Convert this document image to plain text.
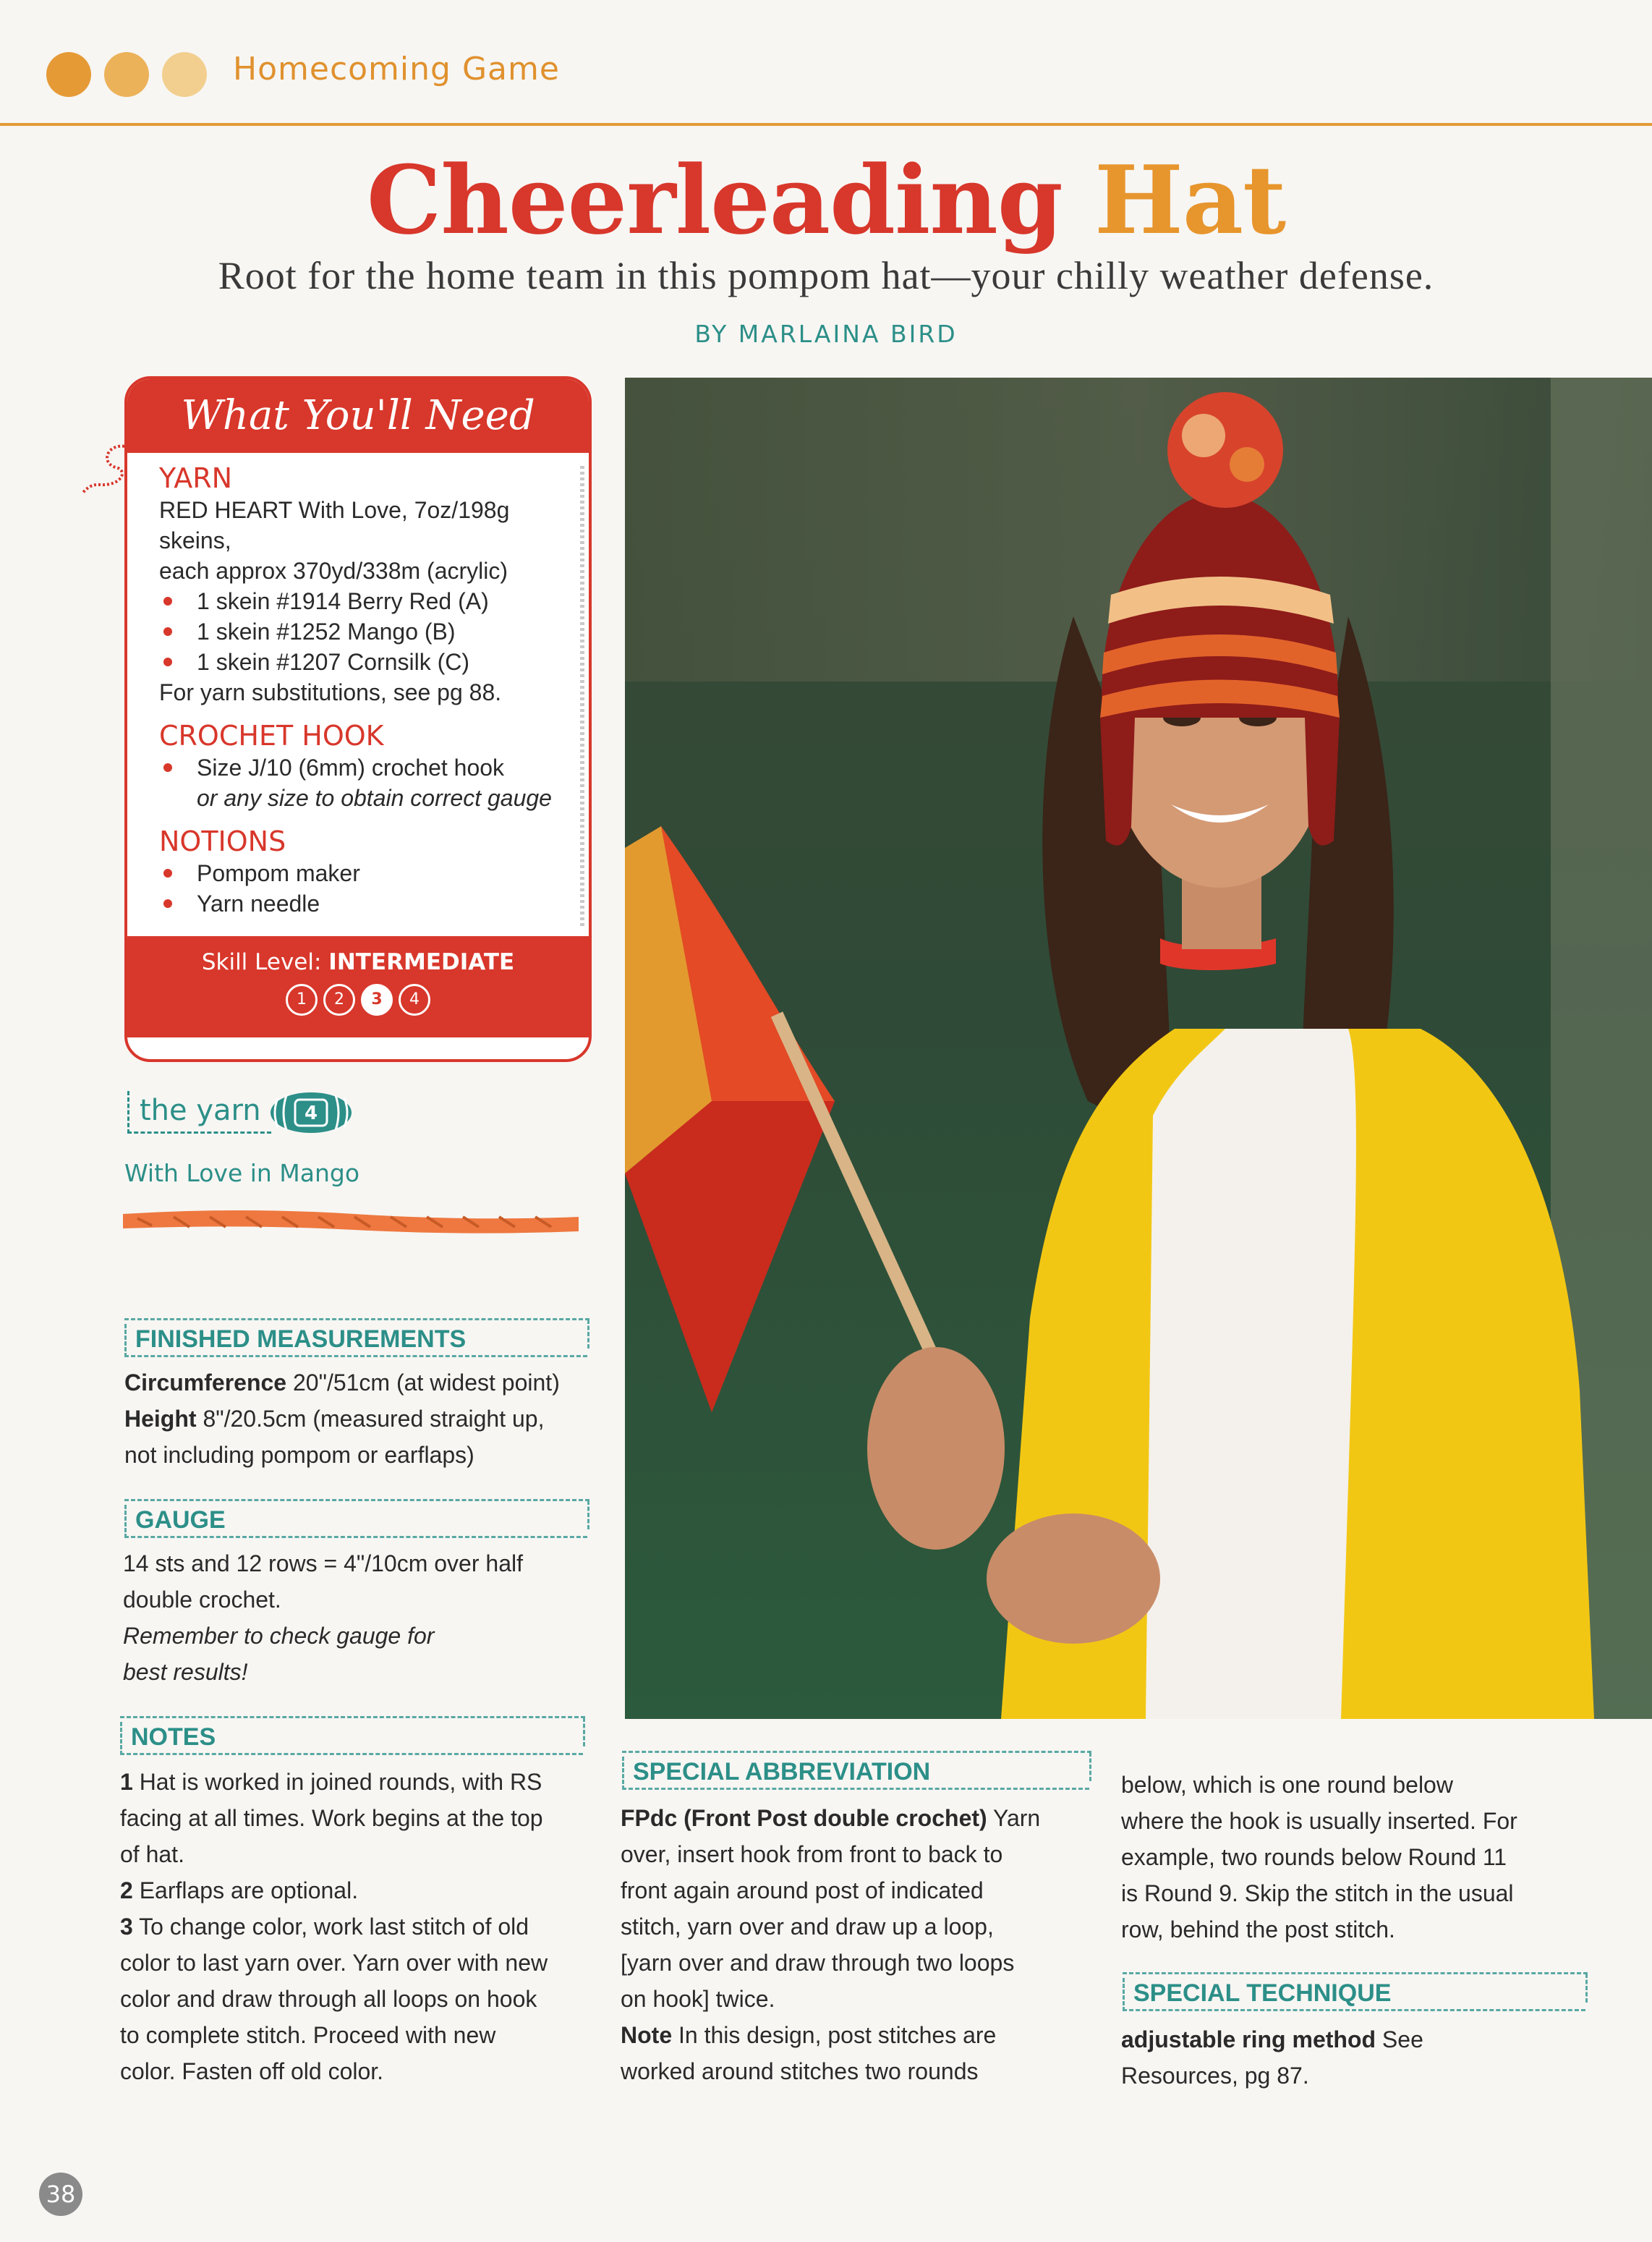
Homecoming Game
Cheerleading Hat
Root for the home team in this pompom hat—your chilly weather defense.
BY MARLAINA BIRD
What You'll Need
YARN
RED HEART With Love, 7oz/198g skeins,
each approx 370yd/338m (acrylic)
1 skein #1914 Berry Red (A)
1 skein #1252 Mango (B)
1 skein #1207 Cornsilk (C)
For yarn substitutions, see pg 88.
CROCHET HOOK
Size J/10 (6mm) crochet hook
or any size to obtain correct gauge
NOTIONS
Pompom maker
Yarn needle
Skill Level: INTERMEDIATE
1	2	3	4
the yarn	4
With Love in Mango
FINISHED MEASUREMENTS
Circumference 20"/51cm (at widest point)
Height 8"/20.5cm (measured straight up,
not including pompom or earflaps)
GAUGE
14 sts and 12 rows = 4"/10cm over half
double crochet.
Remember to check gauge for
best results!
NOTES
1 Hat is worked in joined rounds, with RS
facing at all times. Work begins at the top
of hat.
2 Earflaps are optional.
3 To change color, work last stitch of old
color to last yarn over. Yarn over with new
color and draw through all loops on hook
to complete stitch. Proceed with new
color. Fasten off old color.
SPECIAL ABBREVIATION
FPdc (Front Post double crochet) Yarn
over, insert hook from front to back to
front again around post of indicated
stitch, yarn over and draw up a loop,
[yarn over and draw through two loops
on hook] twice.
Note In this design, post stitches are
worked around stitches two rounds
below, which is one round below
where the hook is usually inserted. For
example, two rounds below Round 11
is Round 9. Skip the stitch in the usual
row, behind the post stitch.
SPECIAL TECHNIQUE
adjustable ring method See
Resources, pg 87.
38
